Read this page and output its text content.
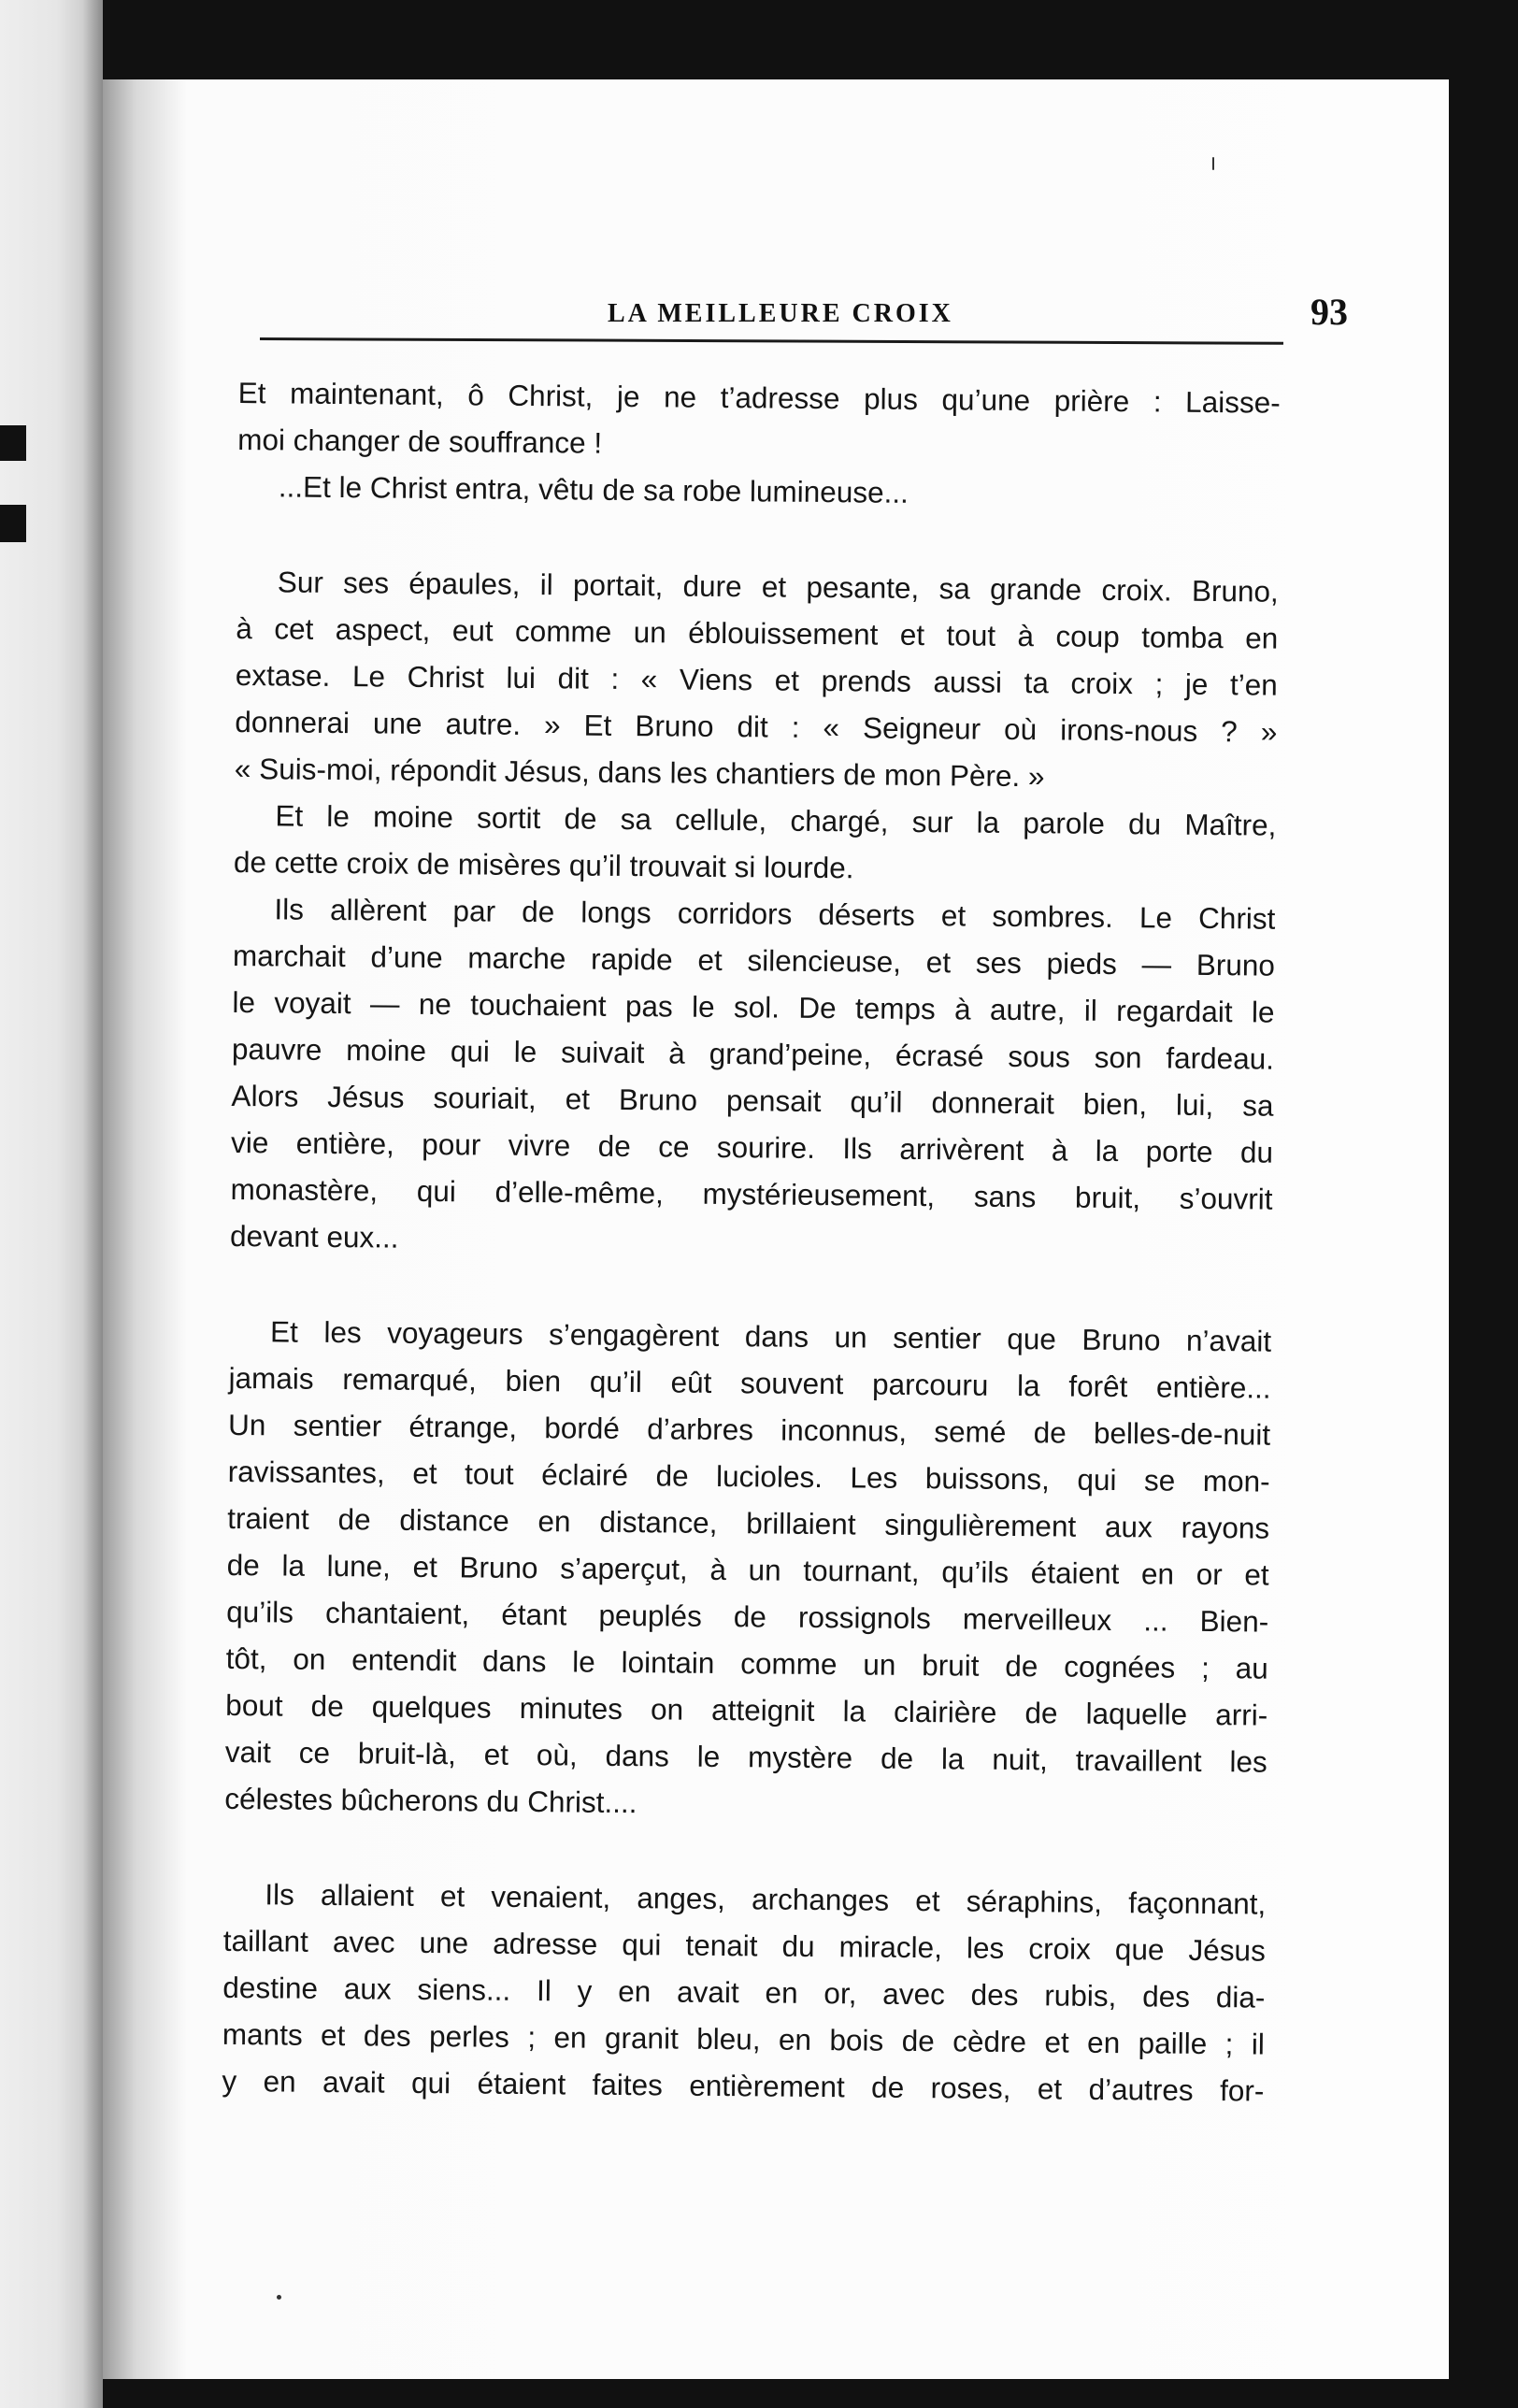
LA MEILLEURE CROIX	93
Et maintenant, ô Christ, je ne t’adresse plus qu’une prière : Laisse-
moi changer de souffrance !
...Et le Christ entra, vêtu de sa robe lumineuse...
Sur ses épaules, il portait, dure et pesante, sa grande croix. Bruno,
à cet aspect, eut comme un éblouissement et tout à coup tomba en
extase. Le Christ lui dit : « Viens et prends aussi ta croix ; je t’en
donnerai une autre. » Et Bruno dit : « Seigneur où irons-nous ? »
« Suis-moi, répondit Jésus, dans les chantiers de mon Père. »
Et le moine sortit de sa cellule, chargé, sur la parole du Maître,
de cette croix de misères qu’il trouvait si lourde.
Ils allèrent par de longs corridors déserts et sombres. Le Christ
marchait d’une marche rapide et silencieuse, et ses pieds — Bruno
le voyait — ne touchaient pas le sol. De temps à autre, il regardait le
pauvre moine qui le suivait à grand’peine, écrasé sous son fardeau.
Alors Jésus souriait, et Bruno pensait qu’il donnerait bien, lui, sa
vie entière, pour vivre de ce sourire. Ils arrivèrent à la porte du
monastère, qui d’elle-même, mystérieusement, sans bruit, s’ouvrit
devant eux...
Et les voyageurs s’engagèrent dans un sentier que Bruno n’avait
jamais remarqué, bien qu’il eût souvent parcouru la forêt entière...
Un sentier étrange, bordé d’arbres inconnus, semé de belles-de-nuit
ravissantes, et tout éclairé de lucioles. Les buissons, qui se mon-
traient de distance en distance, brillaient singulièrement aux rayons
de la lune, et Bruno s’aperçut, à un tournant, qu’ils étaient en or et
qu’ils chantaient, étant peuplés de rossignols merveilleux ... Bien-
tôt, on entendit dans le lointain comme un bruit de cognées ; au
bout de quelques minutes on atteignit la clairière de laquelle arri-
vait ce bruit-là, et où, dans le mystère de la nuit, travaillent les
célestes bûcherons du Christ....
Ils allaient et venaient, anges, archanges et séraphins, façonnant,
taillant avec une adresse qui tenait du miracle, les croix que Jésus
destine aux siens... Il y en avait en or, avec des rubis, des dia-
mants et des perles ; en granit bleu, en bois de cèdre et en paille ; il
y en avait qui étaient faites entièrement de roses, et d’autres for-
